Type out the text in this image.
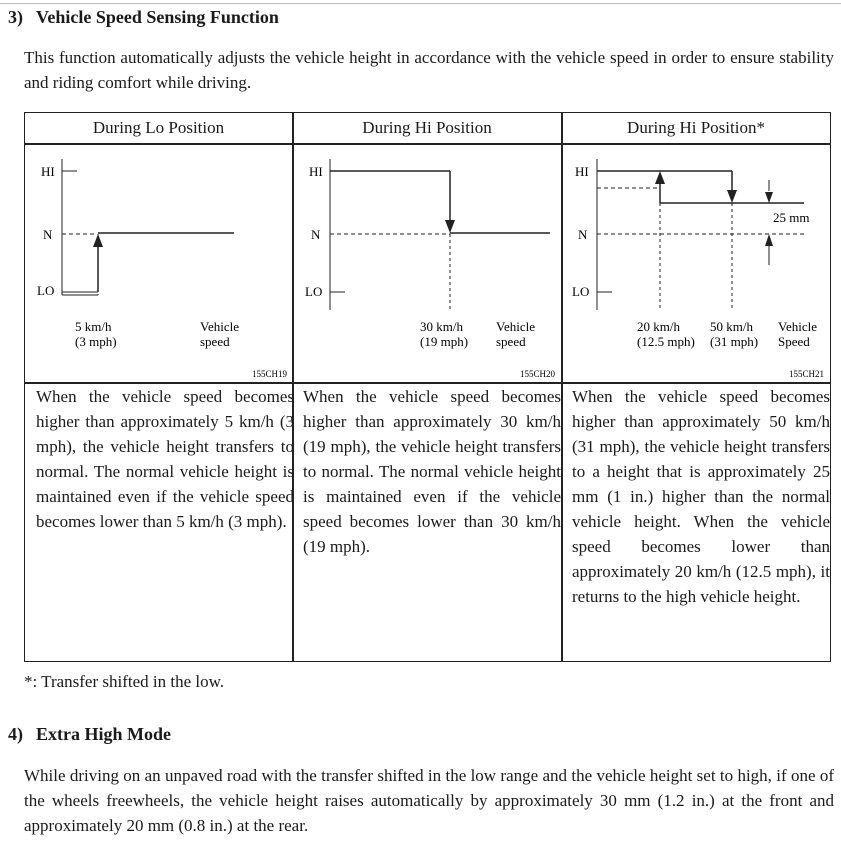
3) Vehicle Speed Sensing Function

This function automatically adjusts the vehicle height in accordance with the vehicle speed in order to ensure stability and riding comfort while driving.

During Lo Position	During Hi Position	During Hi Position*
HI
N
LO
5 km/h
(3 mph)
Vehicle
speed
155CH19
HI
N
LO
30 km/h
(19 mph)
Vehicle
speed
155CH20
25 mm
HI
N
LO
20 km/h
(12.5 mph)
50 km/h
(31 mph)
Vehicle
Speed
155CH21

When the vehicle speed becomes higher than approximately 5 km/h (3 mph), the vehicle height transfers to normal. The normal vehicle height is maintained even if the vehicle speed becomes lower than 5 km/h (3 mph).

When the vehicle speed becomes higher than approximately 30 km/h (19 mph), the vehicle height transfers to normal. The normal vehicle height is maintained even if the vehicle speed becomes lower than 30 km/h (19 mph).

When the vehicle speed becomes higher than approximately 50 km/h (31 mph), the vehicle height transfers to a height that is approximately 25 mm (1 in.) higher than the normal vehicle height. When the vehicle speed becomes lower than approximately 20 km/h (12.5 mph), it returns to the high vehicle height.

*: Transfer shifted in the low.
4) Extra High Mode

While driving on an unpaved road with the transfer shifted in the low range and the vehicle height set to high, if one of the wheels freewheels, the vehicle height raises automatically by approximately 30 mm (1.2 in.) at the front and approximately 20 mm (0.8 in.) at the rear.
